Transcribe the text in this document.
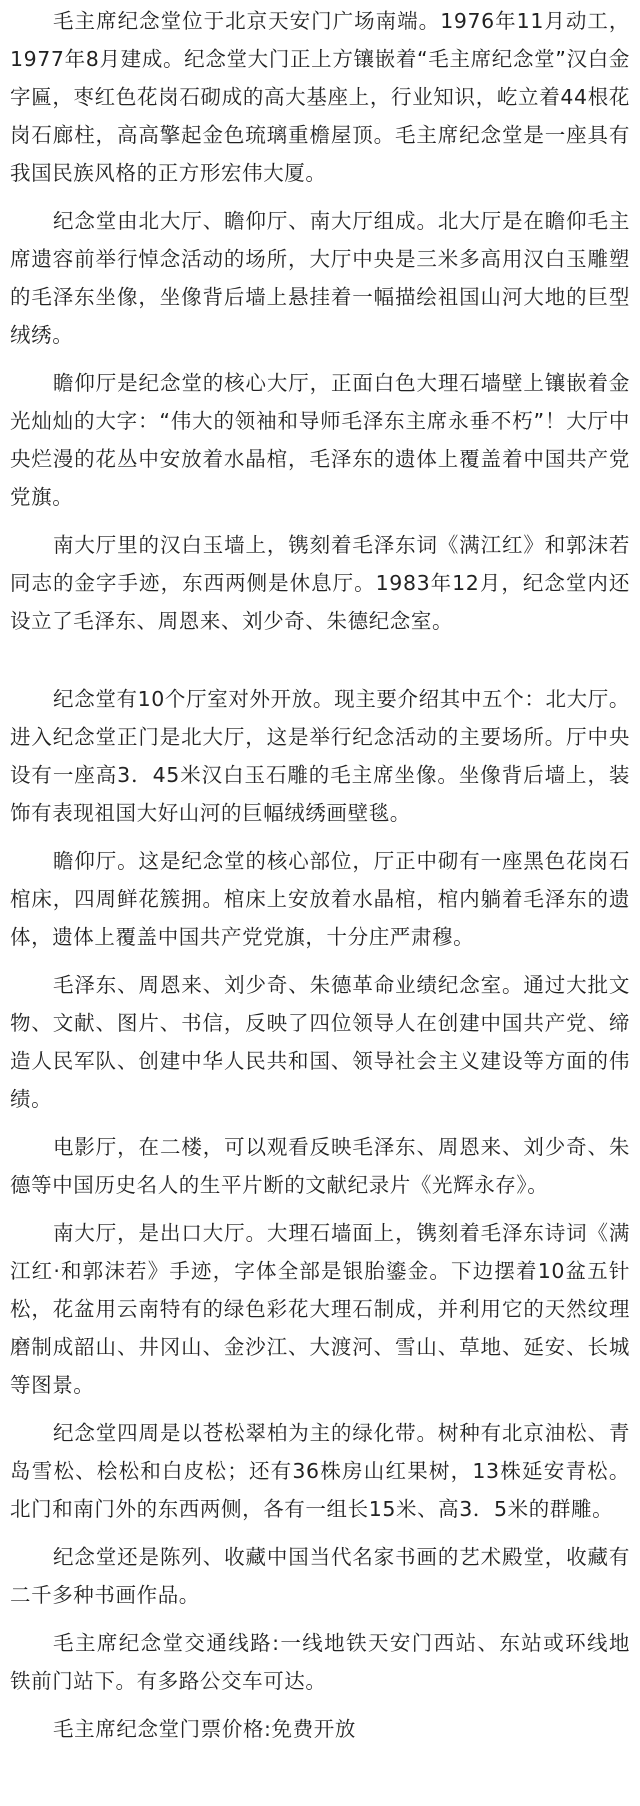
毛主席纪念堂位于北京天安门广场南端。1976年11月动工，1977年8月建成。纪念堂大门正上方镶嵌着“毛主席纪念堂”汉白金字匾，枣红色花岗石砌成的高大基座上，行业知识，屹立着44根花岗石廊柱，高高擎起金色琉璃重檐屋顶。毛主席纪念堂是一座具有我国民族风格的正方形宏伟大厦。

纪念堂由北大厅、瞻仰厅、南大厅组成。北大厅是在瞻仰毛主席遗容前举行悼念活动的场所，大厅中央是三米多高用汉白玉雕塑的毛泽东坐像，坐像背后墙上悬挂着一幅描绘祖国山河大地的巨型绒绣。

瞻仰厅是纪念堂的核心大厅，正面白色大理石墙壁上镶嵌着金光灿灿的大字：“伟大的领袖和导师毛泽东主席永垂不朽”！大厅中央烂漫的花丛中安放着水晶棺，毛泽东的遗体上覆盖着中国共产党党旗。

南大厅里的汉白玉墙上，镌刻着毛泽东词《满江红》和郭沫若同志的金字手迹，东西两侧是休息厅。1983年12月，纪念堂内还设立了毛泽东、周恩来、刘少奇、朱德纪念室。

纪念堂有10个厅室对外开放。现主要介绍其中五个：北大厅。进入纪念堂正门是北大厅，这是举行纪念活动的主要场所。厅中央设有一座高3．45米汉白玉石雕的毛主席坐像。坐像背后墙上，装饰有表现祖国大好山河的巨幅绒绣画壁毯。

瞻仰厅。这是纪念堂的核心部位，厅正中砌有一座黑色花岗石棺床，四周鲜花簇拥。棺床上安放着水晶棺，棺内躺着毛泽东的遗体，遗体上覆盖中国共产党党旗，十分庄严肃穆。

毛泽东、周恩来、刘少奇、朱德革命业绩纪念室。通过大批文物、文献、图片、书信，反映了四位领导人在创建中国共产党、缔造人民军队、创建中华人民共和国、领导社会主义建设等方面的伟绩。

电影厅，在二楼，可以观看反映毛泽东、周恩来、刘少奇、朱德等中国历史名人的生平片断的文献纪录片《光辉永存》。

南大厅，是出口大厅。大理石墙面上，镌刻着毛泽东诗词《满江红·和郭沫若》手迹，字体全部是银胎鎏金。下边摆着10盆五针松，花盆用云南特有的绿色彩花大理石制成，并利用它的天然纹理磨制成韶山、井冈山、金沙江、大渡河、雪山、草地、延安、长城等图景。

纪念堂四周是以苍松翠柏为主的绿化带。树种有北京油松、青岛雪松、桧松和白皮松；还有36株房山红果树，13株延安青松。北门和南门外的东西两侧，各有一组长15米、高3．5米的群雕。

纪念堂还是陈列、收藏中国当代名家书画的艺术殿堂，收藏有二千多种书画作品。

毛主席纪念堂交通线路:一线地铁天安门西站、东站或环线地铁前门站下。有多路公交车可达。

毛主席纪念堂门票价格:免费开放
